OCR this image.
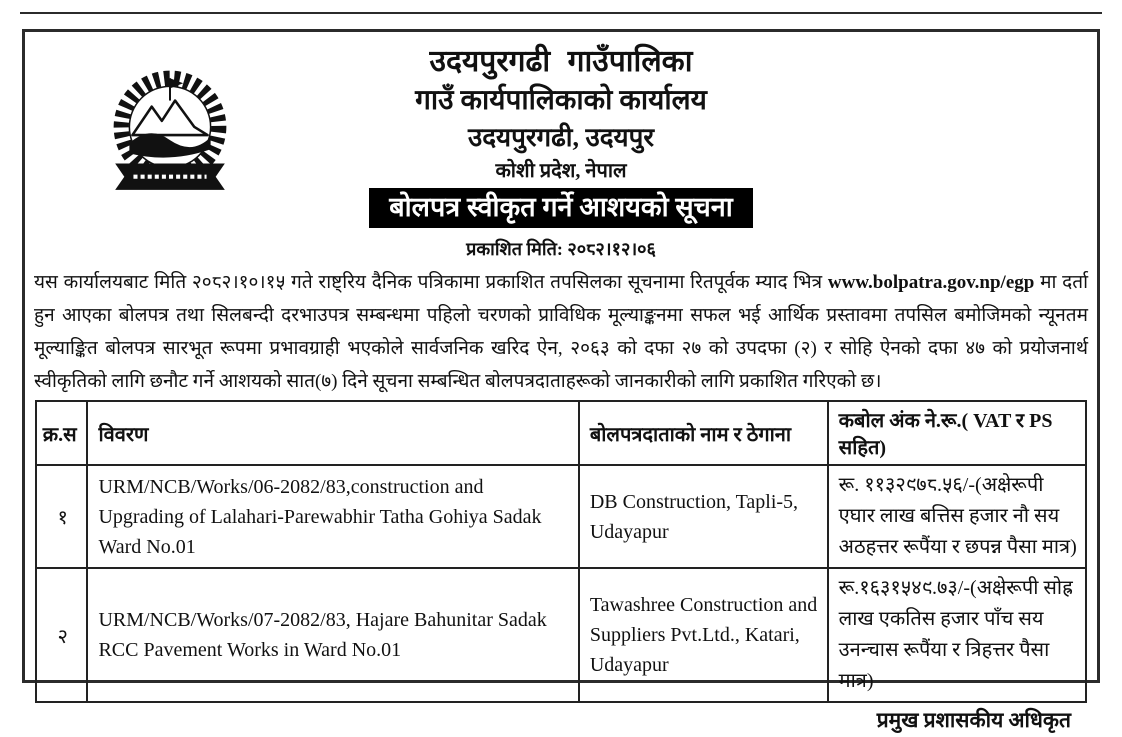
उदयपुरगढी गाउँपालिका
गाउँ कार्यपालिकाको कार्यालय
उदयपुरगढी, उदयपुर
कोशी प्रदेश, नेपाल
बोलपत्र स्वीकृत गर्ने आशयको सूचना
प्रकाशित मिति: २०८२।१२।०६

यस कार्यालयबाट मिति २०८२।१०।१५ गते राष्ट्रिय दैनिक पत्रिकामा प्रकाशित तपसिलका सूचनामा रितपूर्वक म्याद भित्र www.bolpatra.gov.np/egp मा दर्ता हुन आएका बोलपत्र तथा सिलबन्दी दरभाउपत्र सम्बन्धमा पहिलो चरणको प्राविधिक मूल्याङ्कनमा सफल भई आर्थिक प्रस्तावमा तपसिल बमोजिमको न्यूनतम मूल्याङ्कित बोलपत्र सारभूत रूपमा प्रभावग्राही भएकोले सार्वजनिक खरिद ऐन, २०६३ को दफा २७ को उपदफा (२) र सोहि ऐनको दफा ४७ को प्रयोजनार्थ स्वीकृतिको लागि छनौट गर्ने आशयको सात(७) दिने सूचना सम्बन्धित बोलपत्रदाताहरूको जानकारीको लागि प्रकाशित गरिएको छ।

क्र.स	विवरण	बोलपत्रदाताको नाम र ठेगाना	कबोल अंक ने.रू.( VAT र PS सहित)
१	URM/NCB/Works/06-2082/83,construction and Upgrading of Lalahari-Parewabhir Tatha Gohiya Sadak Ward No.01	DB Construction, Tapli-5, Udayapur	रू. ११३२९७८.५६/-(अक्षेरूपी एघार लाख बत्तिस हजार नौ सय अठहत्तर रूपैंया र छपन्न पैसा मात्र)
२	URM/NCB/Works/07-2082/83, Hajare Bahunitar Sadak RCC Pavement Works in Ward No.01	Tawashree Construction and Suppliers Pvt.Ltd., Katari, Udayapur	रू.१६३१५४९.७३/-(अक्षेरूपी सोह्र लाख एकतिस हजार पाँच सय उनन्चास रूपैंया र त्रिहत्तर पैसा मात्र)
प्रमुख प्रशासकीय अधिकृत
